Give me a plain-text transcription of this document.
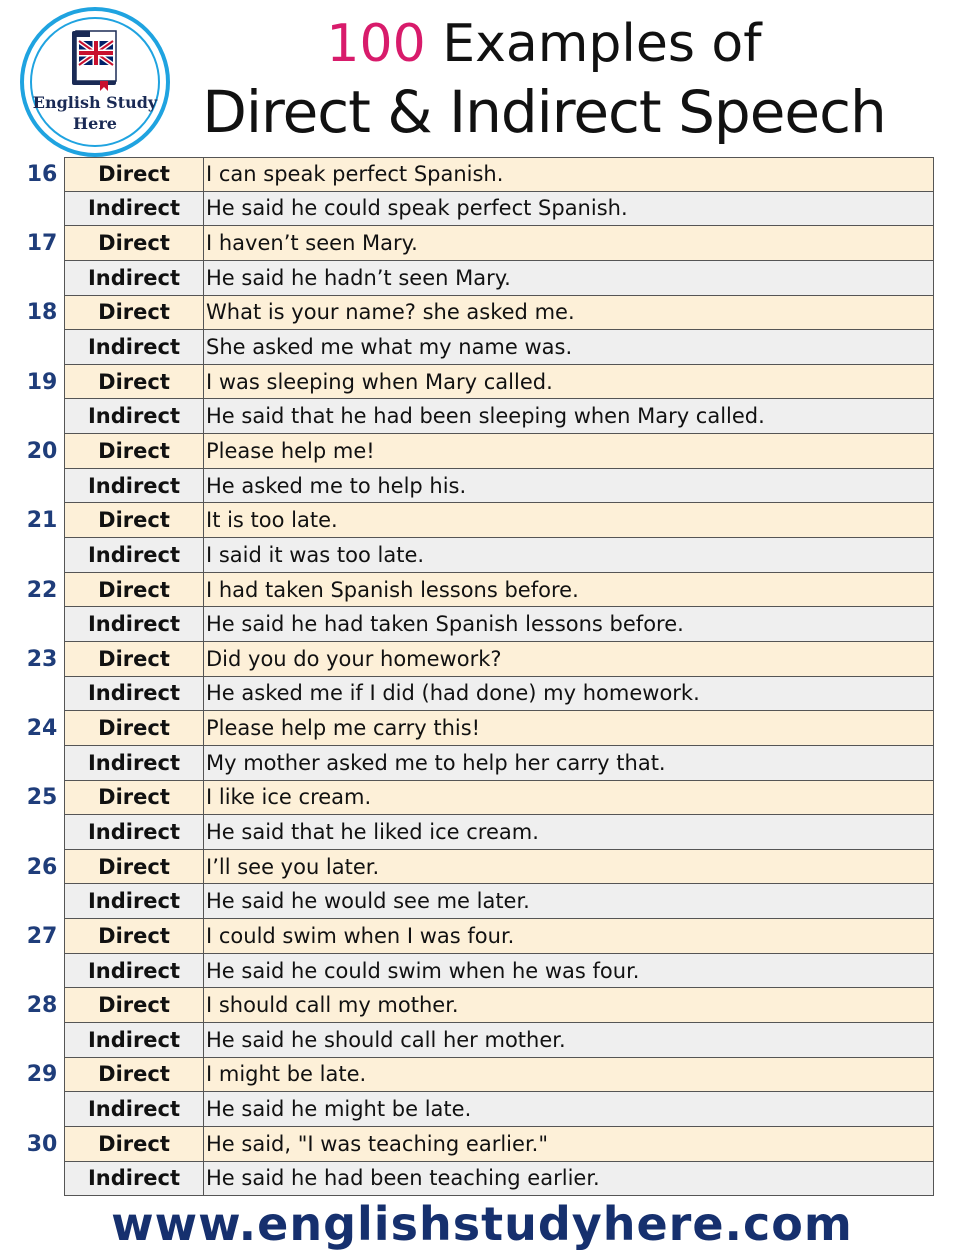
English Study
Here
100 Examples of
Direct & Indirect Speech
16	Direct	I can speak perfect Spanish.
Indirect	He said he could speak perfect Spanish.
17	Direct	I haven’t seen Mary.
Indirect	He said he hadn’t seen Mary.
18	Direct	What is your name? she asked me.
Indirect	She asked me what my name was.
19	Direct	I was sleeping when Mary called.
Indirect	He said that he had been sleeping when Mary called.
20	Direct	Please help me!
Indirect	He asked me to help his.
21	Direct	It is too late.
Indirect	I said it was too late.
22	Direct	I had taken Spanish lessons before.
Indirect	He said he had taken Spanish lessons before.
23	Direct	Did you do your homework?
Indirect	He asked me if I did (had done) my homework.
24	Direct	Please help me carry this!
Indirect	My mother asked me to help her carry that.
25	Direct	I like ice cream.
Indirect	He said that he liked ice cream.
26	Direct	I’ll see you later.
Indirect	He said he would see me later.
27	Direct	I could swim when I was four.
Indirect	He said he could swim when he was four.
28	Direct	I should call my mother.
Indirect	He said he should call her mother.
29	Direct	I might be late.
Indirect	He said he might be late.
30	Direct	He said, "I was teaching earlier."
Indirect	He said he had been teaching earlier.
www.englishstudyhere.com
